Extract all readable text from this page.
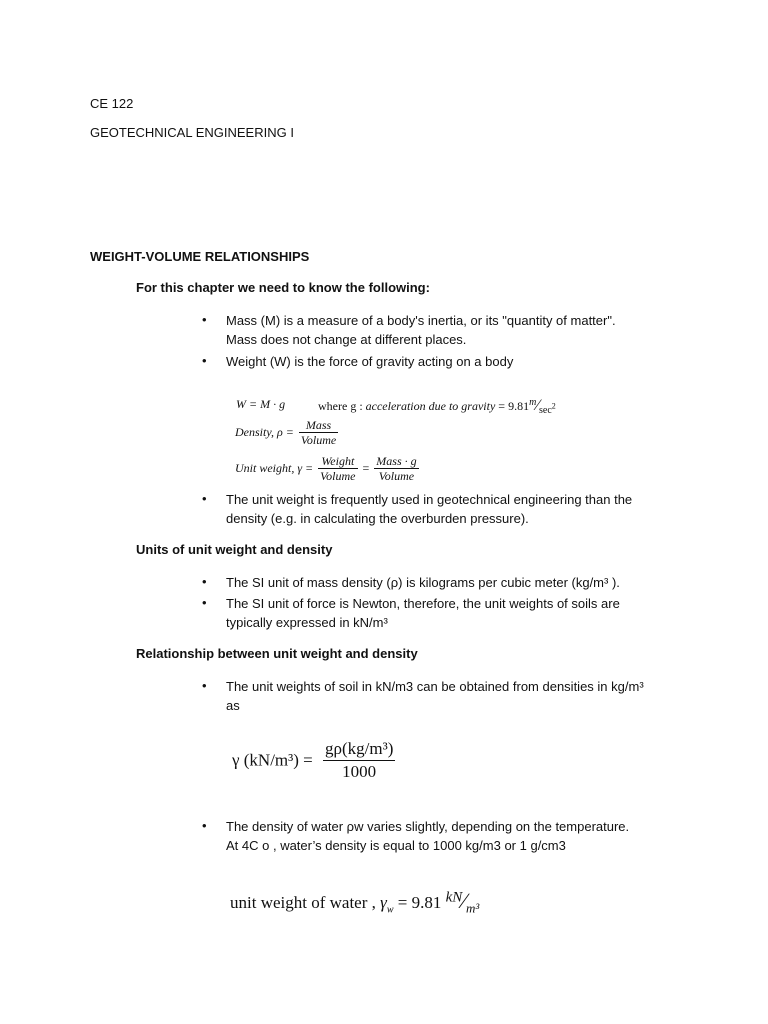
CE 122
GEOTECHNICAL ENGINEERING I
WEIGHT-VOLUME RELATIONSHIPS
For this chapter we need to know the following:
• Mass (M) is a measure of a body's inertia, or its "quantity of matter".
Mass does not change at different places.
• Weight (W) is the force of gravity acting on a body
W = M · g	where g : acceleration due to gravity = $9.81^m∕_{sec^2}$
Density, $\rho = \frac{\text{Mass}}{\text{Volume}}$
Unit weight, $\gamma = \frac{\text{Weight}}{\text{Volume}} = \frac{\text{Mass · g}}{\text{Volume}}$
• The unit weight is frequently used in geotechnical engineering than the
density (e.g. in calculating the overburden pressure).
Units of unit weight and density
• The SI unit of mass density (ρ) is kilograms per cubic meter (kg/m³ ).
• The SI unit of force is Newton, therefore, the unit weights of soils are
typically expressed in kN/m³
Relationship between unit weight and density
• The unit weights of soil in kN/m3 can be obtained from densities in kg/m³
as
γ $(kN/m^3) = \frac{\text{gρ(kg/m³)}}{1000}$
• The density of water ρw varies slightly, depending on the temperature.
At 4C o , water’s density is equal to 1000 kg/m3 or 1 g/cm3
unit weight of water , $\gamma_w = 9.81$ $^{kN}∕_{m^3}$
